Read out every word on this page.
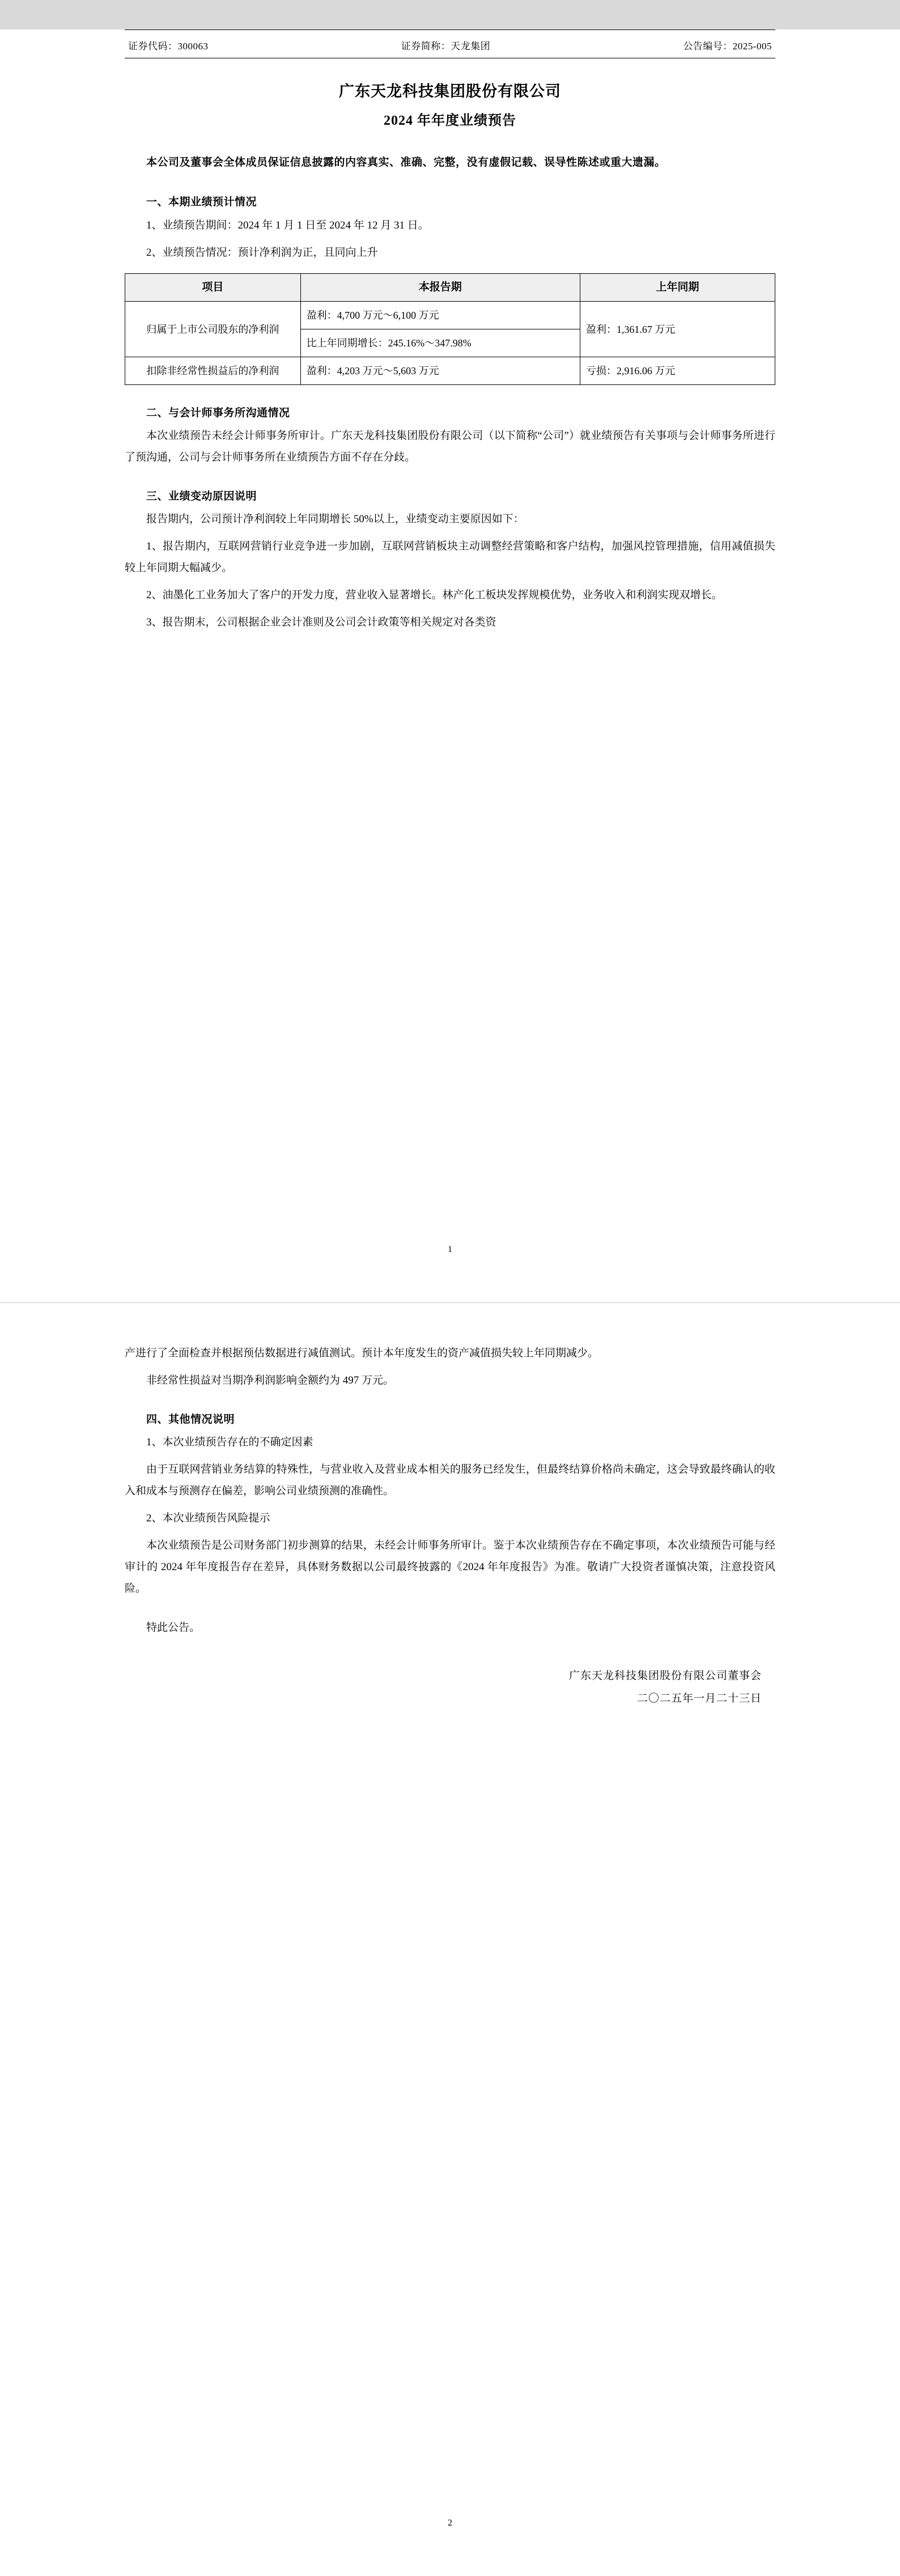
证券代码：300063	证券简称：天龙集团	公告编号：2025-005
广东天龙科技集团股份有限公司
2024 年年度业绩预告
本公司及董事会全体成员保证信息披露的内容真实、准确、完整，没有虚假记载、误导性陈述或重大遗漏。
一、本期业绩预计情况
1、业绩预告期间：2024 年 1 月 1 日至 2024 年 12 月 31 日。
2、业绩预告情况：预计净利润为正，且同向上升
项目	本报告期	上年同期
归属于上市公司股东的净利润	盈利：4,700 万元～6,100 万元	盈利：1,361.67 万元
	比上年同期增长：245.16%～347.98%	
扣除非经常性损益后的净利润	盈利：4,203 万元～5,603 万元	亏损：2,916.06 万元
二、与会计师事务所沟通情况
本次业绩预告未经会计师事务所审计。广东天龙科技集团股份有限公司（以下简称“公司”）就业绩预告有关事项与会计师事务所进行了预沟通，公司与会计师事务所在业绩预告方面不存在分歧。
三、业绩变动原因说明
报告期内，公司预计净利润较上年同期增长 50%以上，业绩变动主要原因如下：
1、报告期内，互联网营销行业竞争进一步加剧，互联网营销板块主动调整经营策略和客户结构，加强风控管理措施，信用减值损失较上年同期大幅减少。
2、油墨化工业务加大了客户的开发力度，营业收入显著增长。林产化工板块发挥规模优势，业务收入和利润实现双增长。
3、报告期末，公司根据企业会计准则及公司会计政策等相关规定对各类资
1
产进行了全面检查并根据预估数据进行减值测试。预计本年度发生的资产减值损失较上年同期减少。
非经常性损益对当期净利润影响金额约为 497 万元。
四、其他情况说明
1、本次业绩预告存在的不确定因素
由于互联网营销业务结算的特殊性，与营业收入及营业成本相关的服务已经发生，但最终结算价格尚未确定，这会导致最终确认的收入和成本与预测存在偏差，影响公司业绩预测的准确性。
2、本次业绩预告风险提示
本次业绩预告是公司财务部门初步测算的结果，未经会计师事务所审计。鉴于本次业绩预告存在不确定事项，本次业绩预告可能与经审计的 2024 年年度报告存在差异，具体财务数据以公司最终披露的《2024 年年度报告》为准。敬请广大投资者谨慎决策，注意投资风险。
特此公告。
广东天龙科技集团股份有限公司董事会
二〇二五年一月二十三日
2
